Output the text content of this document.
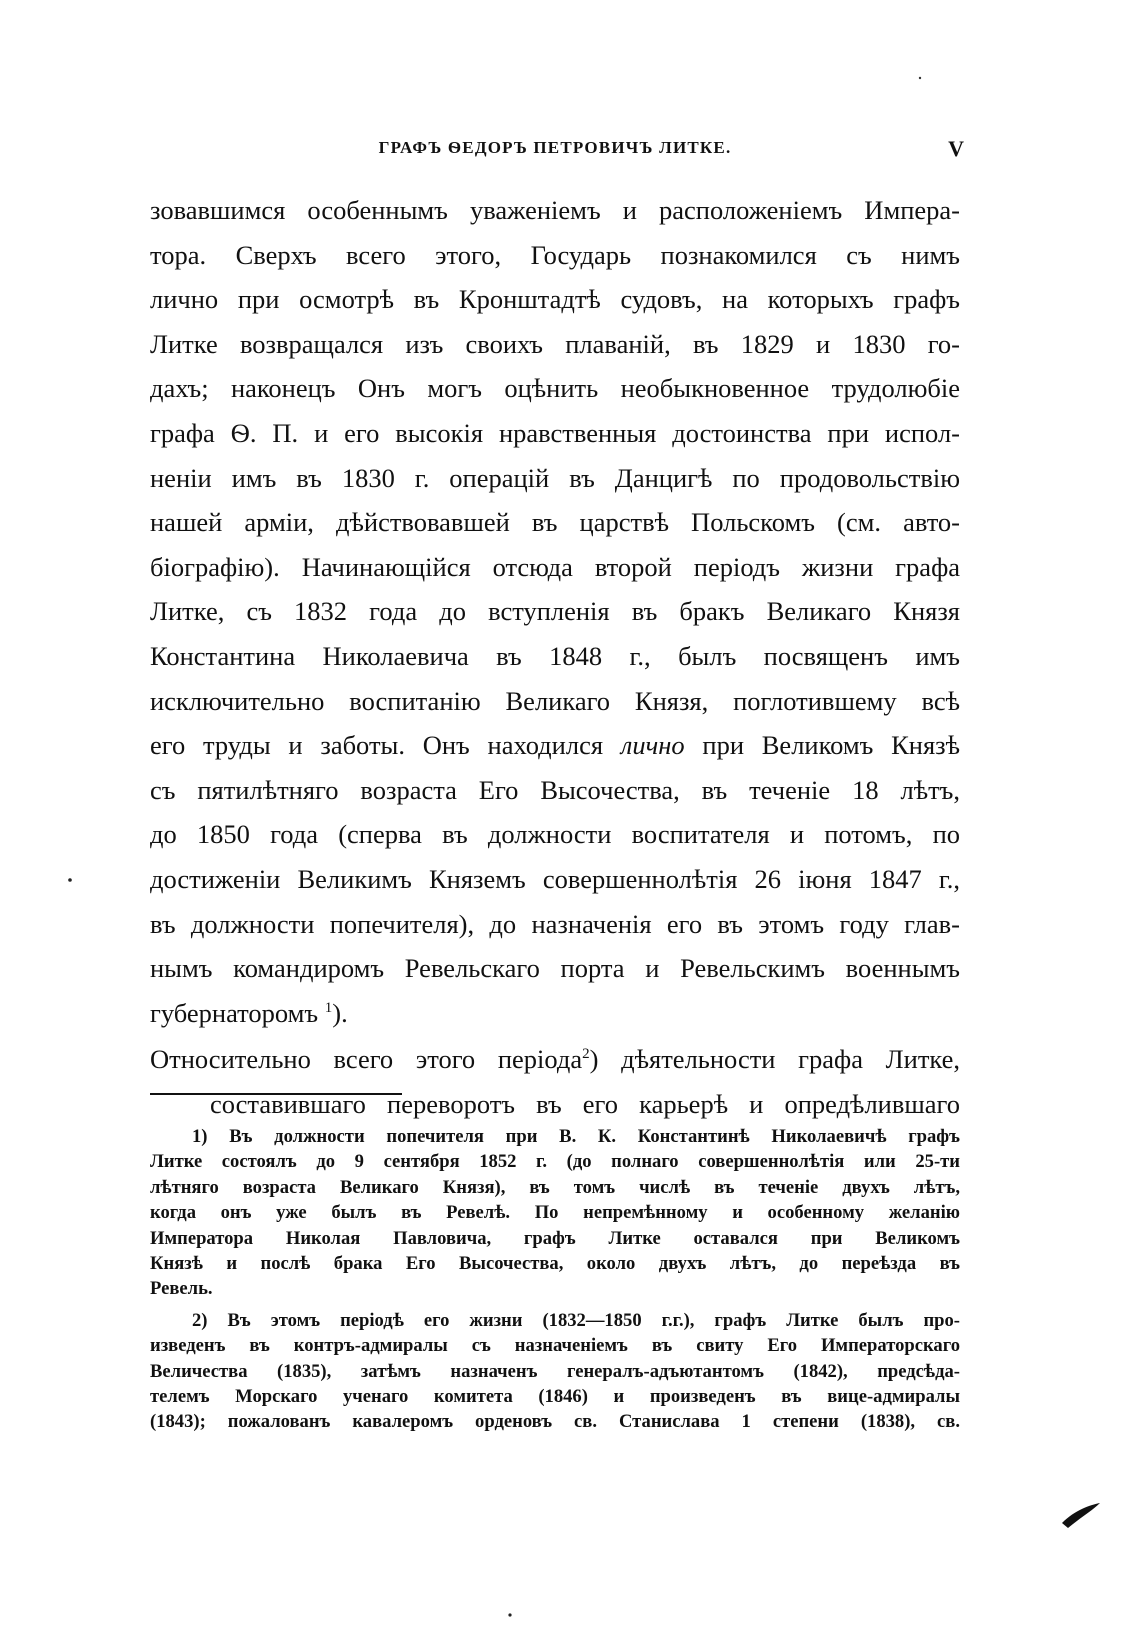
ГРАФЪ ѲЕДОРЪ ПЕТРОВИЧЪ ЛИТКЕ.	V

зовавшимся особеннымъ уваженіемъ и расположеніемъ Импера-
тора. Сверхъ всего этого, Государь познакомился съ нимъ
лично при осмотрѣ въ Кронштадтѣ судовъ, на которыхъ графъ
Литке возвращался изъ своихъ плаваній, въ 1829 и 1830 го-
дахъ; наконецъ Онъ могъ оцѣнить необыкновенное трудолюбіе
графа Ѳ. П. и его высокія нравственныя достоинства при испол-
неніи имъ въ 1830 г. операцій въ Данцигѣ по продовольствію
нашей арміи, дѣйствовавшей въ царствѣ Польскомъ (см. авто-
біографію). Начинающійся отсюда второй періодъ жизни графа
Литке, съ 1832 года до вступленія въ бракъ Великаго Князя
Константина Николаевича въ 1848 г., былъ посвященъ имъ
исключительно воспитанію Великаго Князя, поглотившему всѣ
его труды и заботы. Онъ находился лично при Великомъ Князѣ
съ пятилѣтняго возраста Его Высочества, въ теченіе 18 лѣтъ,
до 1850 года (сперва въ должности воспитателя и потомъ, по
достиженіи Великимъ Княземъ совершеннолѣтія 26 іюня 1847 г.,
въ должности попечителя), до назначенія его въ этомъ году глав-
нымъ командиромъ Ревельскаго порта и Ревельскимъ военнымъ
губернаторомъ $^1$).

Относительно всего этого періода$^2$) дѣятельности графа Литке,
составившаго переворотъ въ его карьерѣ и опредѣлившаго

1) Въ должности попечителя при В. К. Константинѣ Николаевичѣ графъ
Литке состоялъ до 9 сентября 1852 г. (до полнаго совершеннолѣтія или 25-ти
лѣтняго возраста Великаго Князя), въ томъ числѣ въ теченіе двухъ лѣтъ,
когда онъ уже былъ въ Ревелѣ. По непремѣнному и особенному желанію
Императора Николая Павловича, графъ Литке оставался при Великомъ
Князѣ и послѣ брака Его Высочества, около двухъ лѣтъ, до переѣзда въ
Ревель.
2) Въ этомъ періодѣ его жизни (1832—1850 г.г.), графъ Литке былъ про-
изведенъ въ контръ-адмиралы съ назначеніемъ въ свиту Его Императорскаго
Величества (1835), затѣмъ назначенъ генералъ-адъютантомъ (1842), предсѣда-
телемъ Морскаго ученаго комитета (1846) и произведенъ въ вице-адмиралы
(1843); пожалованъ кавалеромъ орденовъ св. Станислава 1 степени (1838), св.
